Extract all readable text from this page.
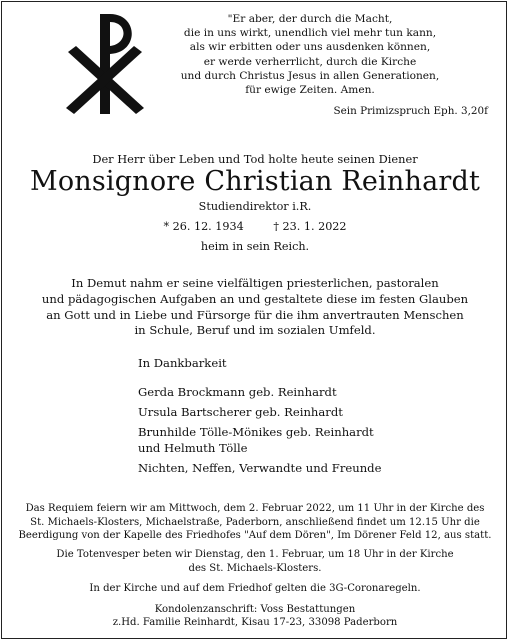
"Er aber, der durch die Macht,
die in uns wirkt, unendlich viel mehr tun kann,
als wir erbitten oder uns ausdenken können,
er werde verherrlicht, durch die Kirche
und durch Christus Jesus in allen Generationen,
für ewige Zeiten. Amen.
Sein Primizspruch Eph. 3,20f
Der Herr über Leben und Tod holte heute seinen Diener
Monsignore Christian Reinhardt
Studiendirektor i.R.
* 26. 12. 1934	† 23. 1. 2022
heim in sein Reich.
In Demut nahm er seine vielfältigen priesterlichen, pastoralen
und pädagogischen Aufgaben an und gestaltete diese im festen Glauben
an Gott und in Liebe und Fürsorge für die ihm anvertrauten Menschen
in Schule, Beruf und im sozialen Umfeld.
In Dankbarkeit
Gerda Brockmann geb. Reinhardt
Ursula Bartscherer geb. Reinhardt
Brunhilde Tölle-Mönikes geb. Reinhardt
und Helmuth Tölle
Nichten, Neffen, Verwandte und Freunde
Das Requiem feiern wir am Mittwoch, dem 2. Februar 2022, um 11 Uhr in der Kirche des
St. Michaels-Klosters, Michaelstraße, Paderborn, anschließend findet um 12.15 Uhr die
Beerdigung von der Kapelle des Friedhofes "Auf dem Dören", Im Dörener Feld 12, aus statt.
Die Totenvesper beten wir Dienstag, den 1. Februar, um 18 Uhr in der Kirche
des St. Michaels-Klosters.
In der Kirche und auf dem Friedhof gelten die 3G-Coronaregeln.
Kondolenzanschrift: Voss Bestattungen
z.Hd. Familie Reinhardt, Kisau 17-23, 33098 Paderborn
